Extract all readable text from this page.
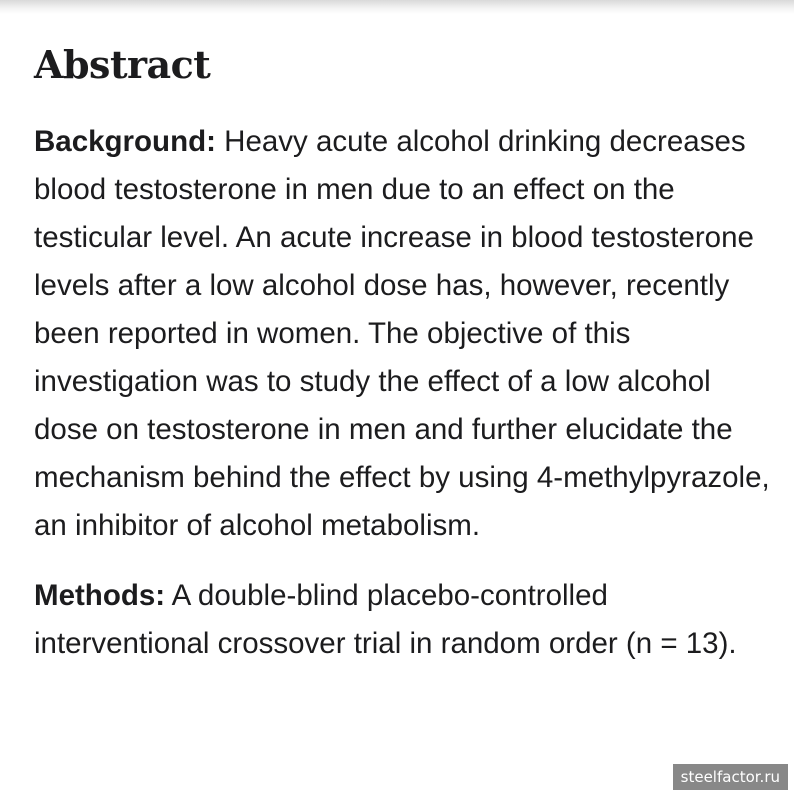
Abstract

Background: Heavy acute alcohol drinking decreases blood testosterone in men due to an effect on the testicular level. An acute increase in blood testosterone levels after a low alcohol dose has, however, recently been reported in women. The objective of this investigation was to study the effect of a low alcohol dose on testosterone in men and further elucidate the mechanism behind the effect by using 4-methylpyrazole, an inhibitor of alcohol metabolism.

Methods: A double-blind placebo-controlled interventional crossover trial in random order (n = 13).

steelfactor.ru
